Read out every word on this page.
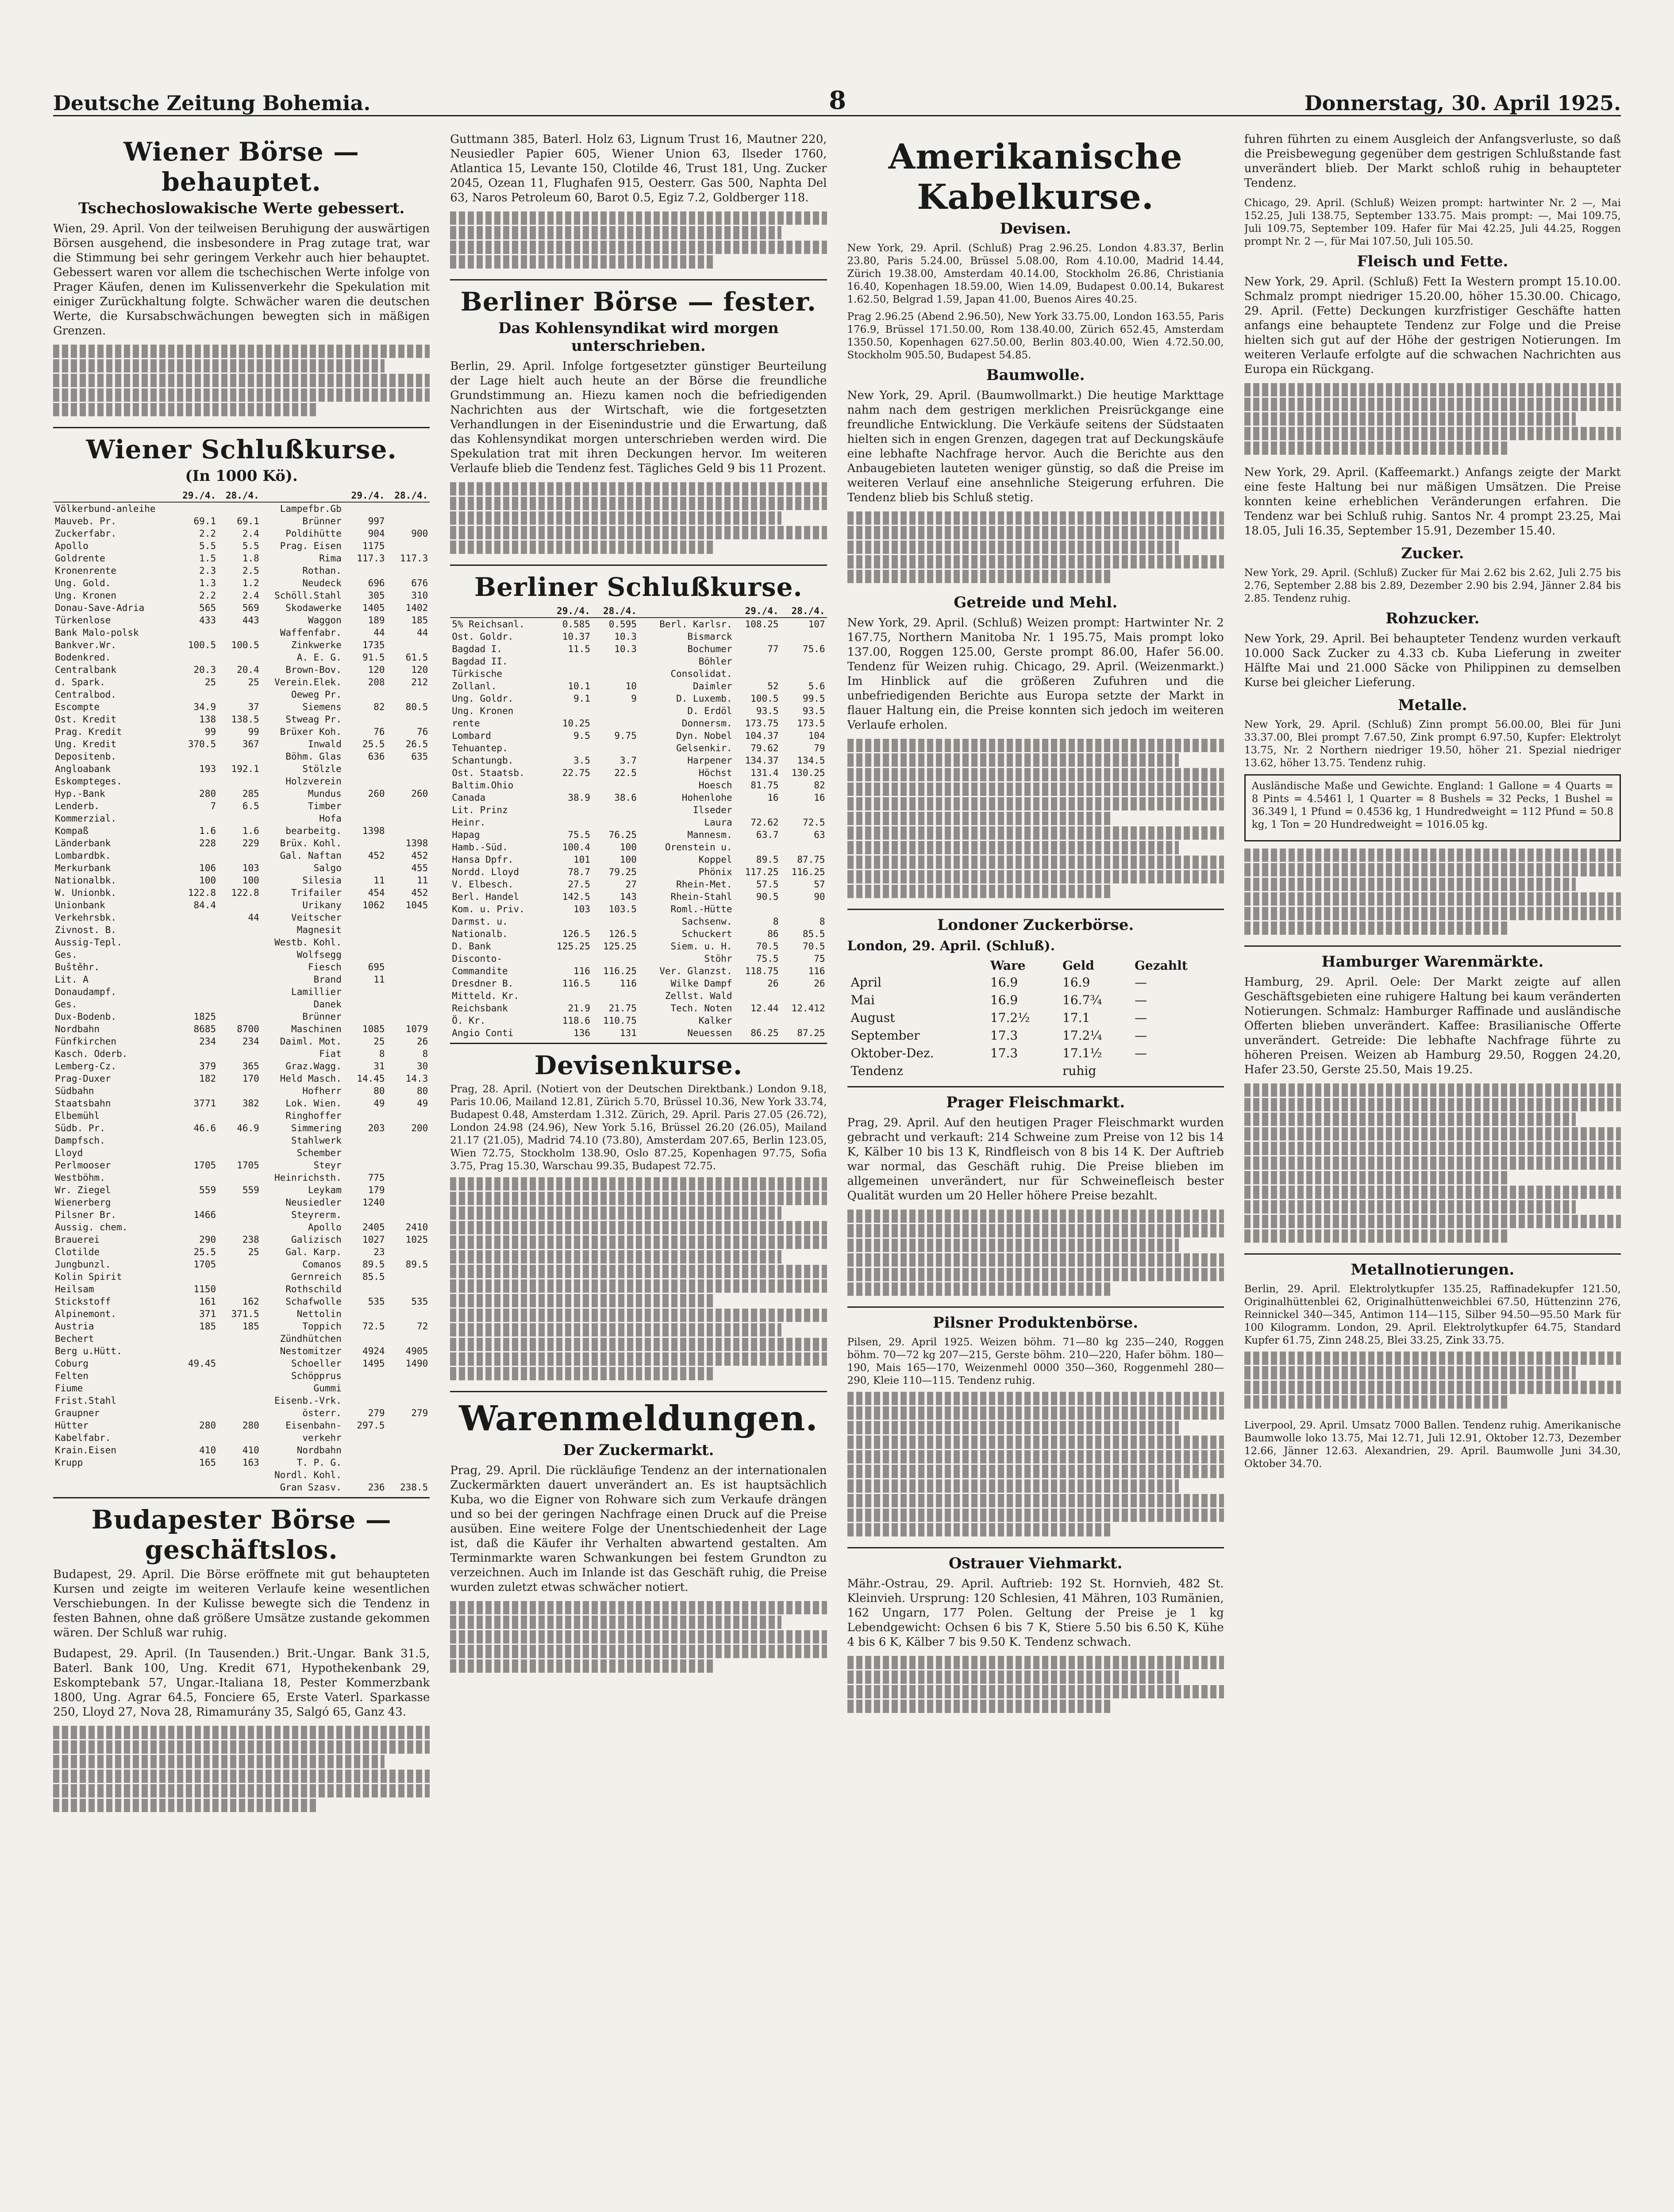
Deutsche Zeitung Bohemia.	8	Donnerstag, 30. April 1925.
Wiener Börse — behauptet.
Tschechoslowakische Werte gebessert.

Wien, 29. April. Von der teilweisen Beruhigung der auswärtigen Börsen ausgehend, die insbesondere in Prag zutage trat, war die Stimmung bei sehr geringem Verkehr auch hier behauptet. Gebessert waren vor allem die tschechischen Werte infolge von Prager Käufen, denen im Kulissenverkehr die Spekulation mit einiger Zurückhaltung folgte. Schwächer waren die deutschen Werte, die Kursabschwächungen bewegten sich in mäßigen Grenzen.

Wiener Schlußkurse.
(In 1000 Kö).
	29./4.	28./4.		29./4.	28./4.
Völkerbund-anleihe			Lampefbr.Gb		
Mauveb. Pr.	69.1	69.1	Brünner	997	
Zuckerfabr.	2.2	2.4	Poldihütte	904	900
Apollo	5.5	5.5	Prag. Eisen	1175	
Goldrente	1.5	1.8	Rima	117.3	117.3
Kronenrente	2.3	2.5	Rothan.		
Ung. Gold.	1.3	1.2	Neudeck	696	676
Ung. Kronen	2.2	2.4	Schöll.Stahl	305	310
Donau-Save-Adria	565	569	Skodawerke	1405	1402
Türkenlose	433	443	Waggon	189	185
Bank Malo-polsk			Waffenfabr.	44	44
Bankver.Wr.	100.5	100.5	Zinkwerke	1735	
Bodenkred.			A. E. G.	91.5	61.5
Centralbank	20.3	20.4	Brown-Bov.	120	120
d. Spark.	25	25	Verein.Elek.	208	212
Centralbod.			Oeweg Pr.		
Escompte	34.9	37	Siemens	82	80.5
Ost. Kredit	138	138.5	Stweag Pr.		
Prag. Kredit	99	99	Brüxer Koh.	76	76
Ung. Kredit	370.5	367	Inwald	25.5	26.5
Depositenb.			Böhm. Glas	636	635
Angloabank	193	192.1	Stölzle		
Eskompteges.			Holzverein		
Hyp.-Bank	280	285	Mundus	260	260
Lenderb.	7	6.5	Timber		
Kommerzial.			Hofa		
Kompaß	1.6	1.6	bearbeitg.	1398	
Länderbank	228	229	Brüx. Kohl.		1398
Lombardbk.			Gal. Naftan	452	452
Merkurbank	106	103	Salgo		455
Nationalbk.	100	100	Silesia	11	11
W. Unionbk.	122.8	122.8	Trifailer	454	452
Unionbank	84.4		Urikany	1062	1045
Verkehrsbk.		44	Veitscher		
Zivnost. B.			Magnesit		
Aussig-Tepl.			Westb. Kohl.		
Ges.			Wolfsegg		
Buštěhr.			Fiesch	695	
Lit. A			Brand	11	
Donaudampf.			Lamillier		
Ges.			Danek		
Dux-Bodenb.	1825		Brünner		
Nordbahn	8685	8700	Maschinen	1085	1079
Fünfkirchen	234	234	Daiml. Mot.	25	26
Kasch. Oderb.			Fiat	8	8
Lemberg-Cz.	379	365	Graz.Wagg.	31	30
Prag-Duxer	182	170	Held Masch.	14.45	14.3
Südbahn			Hofherr	80	80
Staatsbahn	3771	382	Lok. Wien.	49	49
Elbemühl			Ringhoffer		
Südb. Pr.	46.6	46.9	Simmering	203	200
Dampfsch.			Stahlwerk		
Lloyd			Schember		
Perlmooser	1705	1705	Steyr		
Westböhm.			Heinrichsth.	775	
Wr. Ziegel	559	559	Leykam	179	
Wienerberg			Neusiedler	1240	
Pilsner Br.	1466		Steyrerm.		
Aussig. chem.			Apollo	2405	2410
Brauerei	290	238	Galizisch	1027	1025
Clotilde	25.5	25	Gal. Karp.	23	
Jungbunzl.	1705		Comanos	89.5	89.5
Kolin Spirit			Gernreich	85.5	
Heilsam	1150		Rothschild		
Stickstoff	161	162	Schafwolle	535	535
Alpinemont.	371	371.5	Nettolin		
Austria	185	185	Toppich	72.5	72
Bechert			Zündhütchen		
Berg u.Hütt.			Nestomitzer	4924	4905
Coburg	49.45		Schoeller	1495	1490
Felten			Schöpprus		
Fiume			Gummi		
Frist.Stahl			Eisenb.-Vrk.		
Graupner			österr.	279	279
Hütter	280	280	Eisenbahn-	297.5	
Kabelfabr.			verkehr		
Krain.Eisen	410	410	Nordbahn		
Krupp	165	163	T. P. G.		
			Nordl. Kohl.		
			Gran Szasv.	236	238.5
Budapester Börse — geschäftslos.

Budapest, 29. April. Die Börse eröffnete mit gut behaupteten Kursen und zeigte im weiteren Verlaufe keine wesentlichen Verschiebungen. In der Kulisse bewegte sich die Tendenz in festen Bahnen, ohne daß größere Umsätze zustande gekommen wären. Der Schluß war ruhig.

Budapest, 29. April. (In Tausenden.) Brit.-Ungar. Bank 31.5, Baterl. Bank 100, Ung. Kredit 671, Hypothekenbank 29, Eskomptebank 57, Ungar.-Italiana 18, Pester Kommerzbank 1800, Ung. Agrar 64.5, Fonciere 65, Erste Vaterl. Sparkasse 250, Lloyd 27, Nova 28, Rimamurány 35, Salgó 65, Ganz 43.

Guttmann 385, Baterl. Holz 63, Lignum Trust 16, Mautner 220, Neusiedler Papier 605, Wiener Union 63, Ilseder 1760, Atlantica 15, Levante 150, Clotilde 46, Trust 181, Ung. Zucker 2045, Ozean 11, Flughafen 915, Oesterr. Gas 500, Naphta Del 63, Naros Petroleum 60, Barot 0.5, Egiz 7.2, Goldberger 118.

Berliner Börse — fester.
Das Kohlensyndikat wird morgen unterschrieben.

Berlin, 29. April. Infolge fortgesetzter günstiger Beurteilung der Lage hielt auch heute an der Börse die freundliche Grundstimmung an. Hiezu kamen noch die befriedigenden Nachrichten aus der Wirtschaft, wie die fortgesetzten Verhandlungen in der Eisenindustrie und die Erwartung, daß das Kohlensyndikat morgen unterschrieben werden wird. Die Spekulation trat mit ihren Deckungen hervor. Im weiteren Verlaufe blieb die Tendenz fest. Tägliches Geld 9 bis 11 Prozent.

Berliner Schlußkurse.
	29./4.	28./4.		29./4.	28./4.
5% Reichsanl.	0.585	0.595	Berl. Karlsr.	108.25	107
Ost. Goldr.	10.37	10.3	Bismarck		
Bagdad I.	11.5	10.3	Bochumer	77	75.6
Bagdad II.			Böhler		
Türkische			Consolidat.		
Zollanl.	10.1	10	Daimler	52	5.6
Ung. Goldr.	9.1	9	D. Luxemb.	100.5	99.5
Ung. Kronen			D. Erdöl	93.5	93.5
rente	10.25		Donnersm.	173.75	173.5
Lombard	9.5	9.75	Dyn. Nobel	104.37	104
Tehuantep.			Gelsenkir.	79.62	79
Schantungb.	3.5	3.7	Harpener	134.37	134.5
Ost. Staatsb.	22.75	22.5	Höchst	131.4	130.25
Baltim.Ohio			Hoesch	81.75	82
Canada	38.9	38.6	Hohenlohe	16	16
Lit. Prinz			Ilseder		
Heinr.			Laura	72.62	72.5
Hapag	75.5	76.25	Mannesm.	63.7	63
Hamb.-Süd.	100.4	100	Orenstein u.		
Hansa Dpfr.	101	100	Koppel	89.5	87.75
Nordd. Lloyd	78.7	79.25	Phönix	117.25	116.25
V. Elbesch.	27.5	27	Rhein-Met.	57.5	57
Berl. Handel	142.5	143	Rhein-Stahl	90.5	90
Kom. u. Priv.	103	103.5	Roml.-Hütte		
Darmst. u.			Sachsenw.	8	8
Nationalb.	126.5	126.5	Schuckert	86	85.5
D. Bank	125.25	125.25	Siem. u. H.	70.5	70.5
Disconto-			Stöhr	75.5	75
Commandite	116	116.25	Ver. Glanzst.	118.75	116
Dresdner B.	116.5	116	Wilke Dampf	26	26
Mitteld. Kr.			Zellst. Wald		
Reichsbank	21.9	21.75	Tech. Noten	12.44	12.412
Ö. Kr.	118.6	110.75	Kalker		
Angio Conti	136	131	Neuessen	86.25	87.25
Devisenkurse.

Prag, 28. April. (Notiert von der Deutschen Direktbank.) London 9.18, Paris 10.06, Mailand 12.81, Zürich 5.70, Brüssel 10.36, New York 33.74, Budapest 0.48, Amsterdam 1.312. Zürich, 29. April. Paris 27.05 (26.72), London 24.98 (24.96), New York 5.16, Brüssel 26.20 (26.05), Mailand 21.17 (21.05), Madrid 74.10 (73.80), Amsterdam 207.65, Berlin 123.05, Wien 72.75, Stockholm 138.90, Oslo 87.25, Kopenhagen 97.75, Sofia 3.75, Prag 15.30, Warschau 99.35, Budapest 72.75.

Warenmeldungen.
Der Zuckermarkt.

Prag, 29. April. Die rückläufige Tendenz an der internationalen Zuckermärkten dauert unverändert an. Es ist hauptsächlich Kuba, wo die Eigner von Rohware sich zum Verkaufe drängen und so bei der geringen Nachfrage einen Druck auf die Preise ausüben. Eine weitere Folge der Unentschiedenheit der Lage ist, daß die Käufer ihr Verhalten abwartend gestalten. Am Terminmarkte waren Schwankungen bei festem Grundton zu verzeichnen. Auch im Inlande ist das Geschäft ruhig, die Preise wurden zuletzt etwas schwächer notiert.

Amerikanische Kabelkurse.
Devisen.

New York, 29. April. (Schluß) Prag 2.96.25. London 4.83.37, Berlin 23.80, Paris 5.24.00, Brüssel 5.08.00, Rom 4.10.00, Madrid 14.44, Zürich 19.38.00, Amsterdam 40.14.00, Stockholm 26.86, Christiania 16.40, Kopenhagen 18.59.00, Wien 14.09, Budapest 0.00.14, Bukarest 1.62.50, Belgrad 1.59, Japan 41.00, Buenos Aires 40.25.

Prag 2.96.25 (Abend 2.96.50), New York 33.75.00, London 163.55, Paris 176.9, Brüssel 171.50.00, Rom 138.40.00, Zürich 652.45, Amsterdam 1350.50, Kopenhagen 627.50.00, Berlin 803.40.00, Wien 4.72.50.00, Stockholm 905.50, Budapest 54.85.

Baumwolle.

New York, 29. April. (Baumwollmarkt.) Die heutige Markttage nahm nach dem gestrigen merklichen Preisrückgange eine freundliche Entwicklung. Die Verkäufe seitens der Südstaaten hielten sich in engen Grenzen, dagegen trat auf Deckungskäufe eine lebhafte Nachfrage hervor. Auch die Berichte aus den Anbaugebieten lauteten weniger günstig, so daß die Preise im weiteren Verlauf eine ansehnliche Steigerung erfuhren. Die Tendenz blieb bis Schluß stetig.

Getreide und Mehl.

New York, 29. April. (Schluß) Weizen prompt: Hartwinter Nr. 2 167.75, Northern Manitoba Nr. 1 195.75, Mais prompt loko 137.00, Roggen 125.00, Gerste prompt 86.00, Hafer 56.00. Tendenz für Weizen ruhig. Chicago, 29. April. (Weizenmarkt.) Im Hinblick auf die größeren Zufuhren und die unbefriedigenden Berichte aus Europa setzte der Markt in flauer Haltung ein, die Preise konnten sich jedoch im weiteren Verlaufe erholen.

Londoner Zuckerbörse.
London, 29. April. (Schluß).
	Ware	Geld	Gezahlt
April	16.9	16.9	—
Mai	16.9	16.7¾	—
August	17.2½	17.1	—
September	17.3	17.2¼	—
Oktober-Dez.	17.3	17.1½	—
Tendenz		ruhig	
Prager Fleischmarkt.

Prag, 29. April. Auf den heutigen Prager Fleischmarkt wurden gebracht und verkauft: 214 Schweine zum Preise von 12 bis 14 K, Kälber 10 bis 13 K, Rindfleisch von 8 bis 14 K. Der Auftrieb war normal, das Geschäft ruhig. Die Preise blieben im allgemeinen unverändert, nur für Schweinefleisch bester Qualität wurden um 20 Heller höhere Preise bezahlt.

Pilsner Produktenbörse.

Pilsen, 29. April 1925. Weizen böhm. 71—80 kg 235—240, Roggen böhm. 70—72 kg 207—215, Gerste böhm. 210—220, Hafer böhm. 180—190, Mais 165—170, Weizenmehl 0000 350—360, Roggenmehl 280—290, Kleie 110—115. Tendenz ruhig.

Ostrauer Viehmarkt.

Mähr.-Ostrau, 29. April. Auftrieb: 192 St. Hornvieh, 482 St. Kleinvieh. Ursprung: 120 Schlesien, 41 Mähren, 103 Rumänien, 162 Ungarn, 177 Polen. Geltung der Preise je 1 kg Lebendgewicht: Ochsen 6 bis 7 K, Stiere 5.50 bis 6.50 K, Kühe 4 bis 6 K, Kälber 7 bis 9.50 K. Tendenz schwach.

fuhren führten zu einem Ausgleich der Anfangsverluste, so daß die Preisbewegung gegenüber dem gestrigen Schlußstande fast unverändert blieb. Der Markt schloß ruhig in behaupteter Tendenz.

Chicago, 29. April. (Schluß) Weizen prompt: hartwinter Nr. 2 —, Mai 152.25, Juli 138.75, September 133.75. Mais prompt: —, Mai 109.75, Juli 109.75, September 109. Hafer für Mai 42.25, Juli 44.25, Roggen prompt Nr. 2 —, für Mai 107.50, Juli 105.50.

Fleisch und Fette.

New York, 29. April. (Schluß) Fett Ia Western prompt 15.10.00. Schmalz prompt niedriger 15.20.00, höher 15.30.00. Chicago, 29. April. (Fette) Deckungen kurzfristiger Geschäfte hatten anfangs eine behauptete Tendenz zur Folge und die Preise hielten sich gut auf der Höhe der gestrigen Notierungen. Im weiteren Verlaufe erfolgte auf die schwachen Nachrichten aus Europa ein Rückgang.

New York, 29. April. (Kaffeemarkt.) Anfangs zeigte der Markt eine feste Haltung bei nur mäßigen Umsätzen. Die Preise konnten keine erheblichen Veränderungen erfahren. Die Tendenz war bei Schluß ruhig. Santos Nr. 4 prompt 23.25, Mai 18.05, Juli 16.35, September 15.91, Dezember 15.40.

Zucker.

New York, 29. April. (Schluß) Zucker für Mai 2.62 bis 2.62, Juli 2.75 bis 2.76, September 2.88 bis 2.89, Dezember 2.90 bis 2.94, Jänner 2.84 bis 2.85. Tendenz ruhig.

Rohzucker.

New York, 29. April. Bei behaupteter Tendenz wurden verkauft 10.000 Sack Zucker zu 4.33 cb. Kuba Lieferung in zweiter Hälfte Mai und 21.000 Säcke von Philippinen zu demselben Kurse bei gleicher Lieferung.

Metalle.

New York, 29. April. (Schluß) Zinn prompt 56.00.00, Blei für Juni 33.37.00, Blei prompt 7.67.50, Zink prompt 6.97.50, Kupfer: Elektrolyt 13.75, Nr. 2 Northern niedriger 19.50, höher 21. Spezial niedriger 13.62, höher 13.75. Tendenz ruhig.

Ausländische Maße und Gewichte. England: 1 Gallone = 4 Quarts = 8 Pints = 4.5461 l, 1 Quarter = 8 Bushels = 32 Pecks, 1 Bushel = 36.349 l, 1 Pfund = 0.4536 kg, 1 Hundredweight = 112 Pfund = 50.8 kg, 1 Ton = 20 Hundredweight = 1016.05 kg.

Hamburger Warenmärkte.

Hamburg, 29. April. Oele: Der Markt zeigte auf allen Geschäftsgebieten eine ruhigere Haltung bei kaum veränderten Notierungen. Schmalz: Hamburger Raffinade und ausländische Offerten blieben unverändert. Kaffee: Brasilianische Offerte unverändert. Getreide: Die lebhafte Nachfrage führte zu höheren Preisen. Weizen ab Hamburg 29.50, Roggen 24.20, Hafer 23.50, Gerste 25.50, Mais 19.25.

Metallnotierungen.

Berlin, 29. April. Elektrolytkupfer 135.25, Raffinadekupfer 121.50, Originalhüttenblei 62, Originalhüttenweichblei 67.50, Hüttenzinn 276, Reinnickel 340—345, Antimon 114—115, Silber 94.50—95.50 Mark für 100 Kilogramm. London, 29. April. Elektrolytkupfer 64.75, Standard Kupfer 61.75, Zinn 248.25, Blei 33.25, Zink 33.75.

Liverpool, 29. April. Umsatz 7000 Ballen. Tendenz ruhig. Amerikanische Baumwolle loko 13.75, Mai 12.71, Juli 12.91, Oktober 12.73, Dezember 12.66, Jänner 12.63. Alexandrien, 29. April. Baumwolle Juni 34.30, Oktober 34.70.
